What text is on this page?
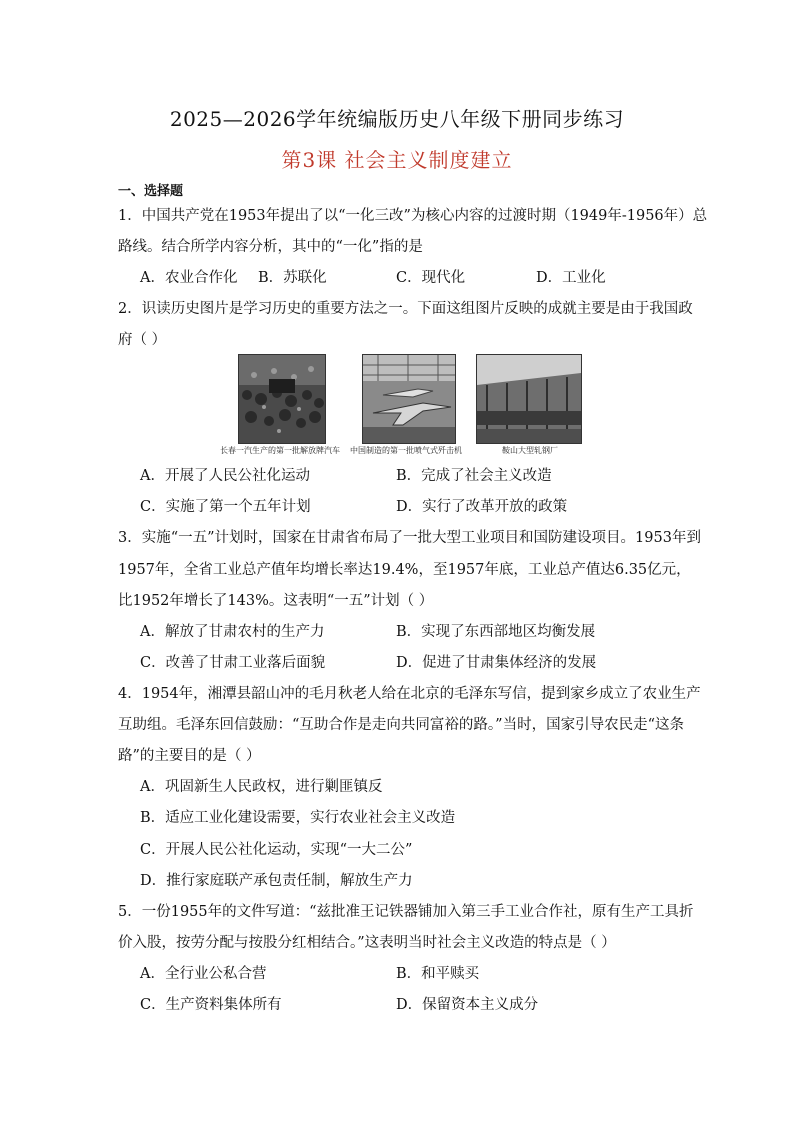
2025—2026学年统编版历史八年级下册同步练习
第3课 社会主义制度建立
一、选择题
1．中国共产党在1953年提出了以“一化三改”为核心内容的过渡时期（1949年-1956年）总
路线。结合所学内容分析，其中的“一化”指的是
A．农业合作化 B．苏联化	C．现代化	D．工业化
2．识读历史图片是学习历史的重要方法之一。下面这组图片反映的成就主要是由于我国政
府（ ）
长春一汽生产的第一批解放牌汽车 中国制造的第一批喷气式歼击机	鞍山大型轧钢厂
A．开展了人民公社化运动	B．完成了社会主义改造
C．实施了第一个五年计划	D．实行了改革开放的政策
3．实施“一五”计划时，国家在甘肃省布局了一批大型工业项目和国防建设项目。1953年到
1957年，全省工业总产值年均增长率达19.4%，至1957年底，工业总产值达6.35亿元，
比1952年增长了143%。这表明“一五”计划（ ）
A．解放了甘肃农村的生产力	B．实现了东西部地区均衡发展
C．改善了甘肃工业落后面貌	D．促进了甘肃集体经济的发展
4．1954年，湘潭县韶山冲的毛月秋老人给在北京的毛泽东写信，提到家乡成立了农业生产
互助组。毛泽东回信鼓励：“互助合作是走向共同富裕的路。”当时，国家引导农民走“这条
路”的主要目的是（ ）
A．巩固新生人民政权，进行剿匪镇反
B．适应工业化建设需要，实行农业社会主义改造
C．开展人民公社化运动，实现“一大二公”
D．推行家庭联产承包责任制，解放生产力
5．一份1955年的文件写道：“兹批准王记铁器铺加入第三手工业合作社，原有生产工具折
价入股，按劳分配与按股分红相结合。”这表明当时社会主义改造的特点是（ ）
A．全行业公私合营	B．和平赎买
C．生产资料集体所有	D．保留资本主义成分
